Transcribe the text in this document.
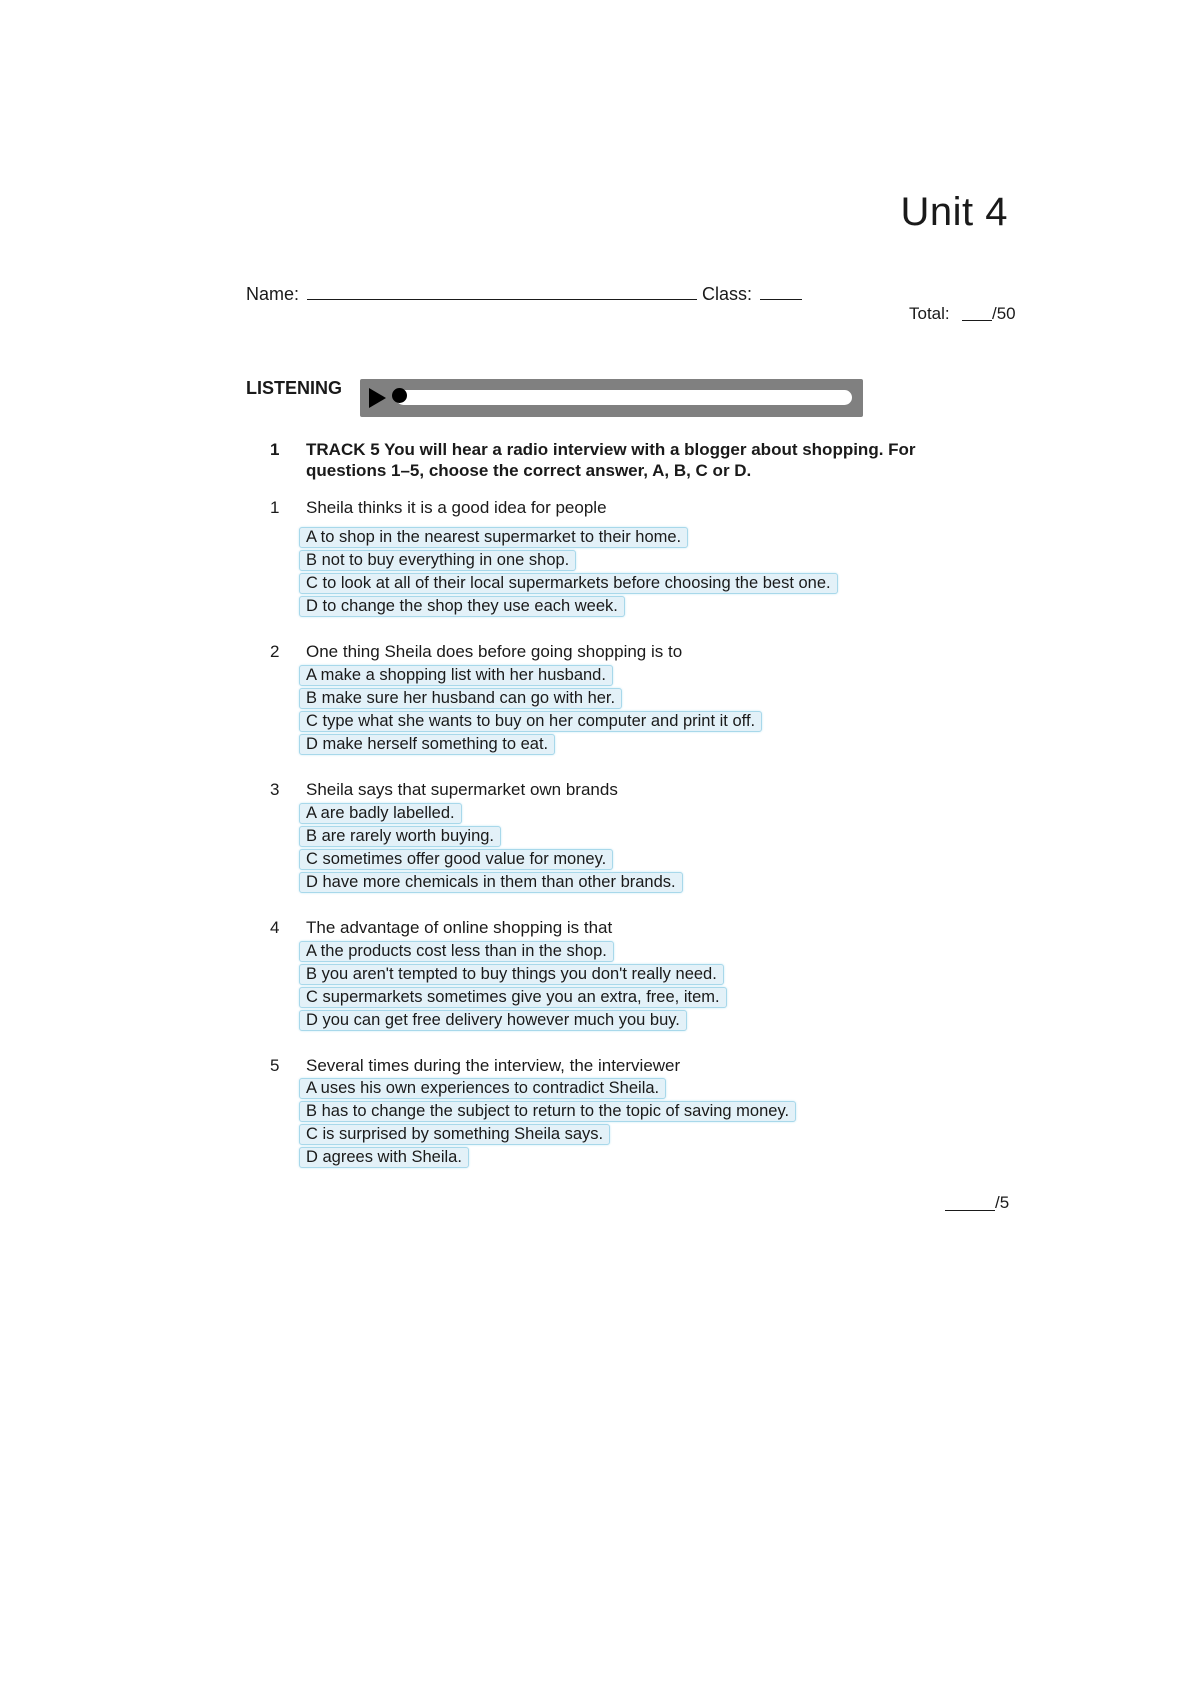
Unit 4
Name:	Class:
Total: /50
LISTENING
1 TRACK 5 You will hear a radio interview with a blogger about shopping. For questions 1–5, choose the correct answer, A, B, C or D.
1 Sheila thinks it is a good idea for people
A to shop in the nearest supermarket to their home.
B not to buy everything in one shop.
C to look at all of their local supermarkets before choosing the best one.
D to change the shop they use each week.
2 One thing Sheila does before going shopping is to
A make a shopping list with her husband.
B make sure her husband can go with her.
C type what she wants to buy on her computer and print it off.
D make herself something to eat.
3 Sheila says that supermarket own brands
A are badly labelled.
B are rarely worth buying.
C sometimes offer good value for money.
D have more chemicals in them than other brands.
4 The advantage of online shopping is that
A the products cost less than in the shop.
B you aren't tempted to buy things you don't really need.
C supermarkets sometimes give you an extra, free, item.
D you can get free delivery however much you buy.
5 Several times during the interview, the interviewer
A uses his own experiences to contradict Sheila.
B has to change the subject to return to the topic of saving money.
C is surprised by something Sheila says.
D agrees with Sheila.
/5
